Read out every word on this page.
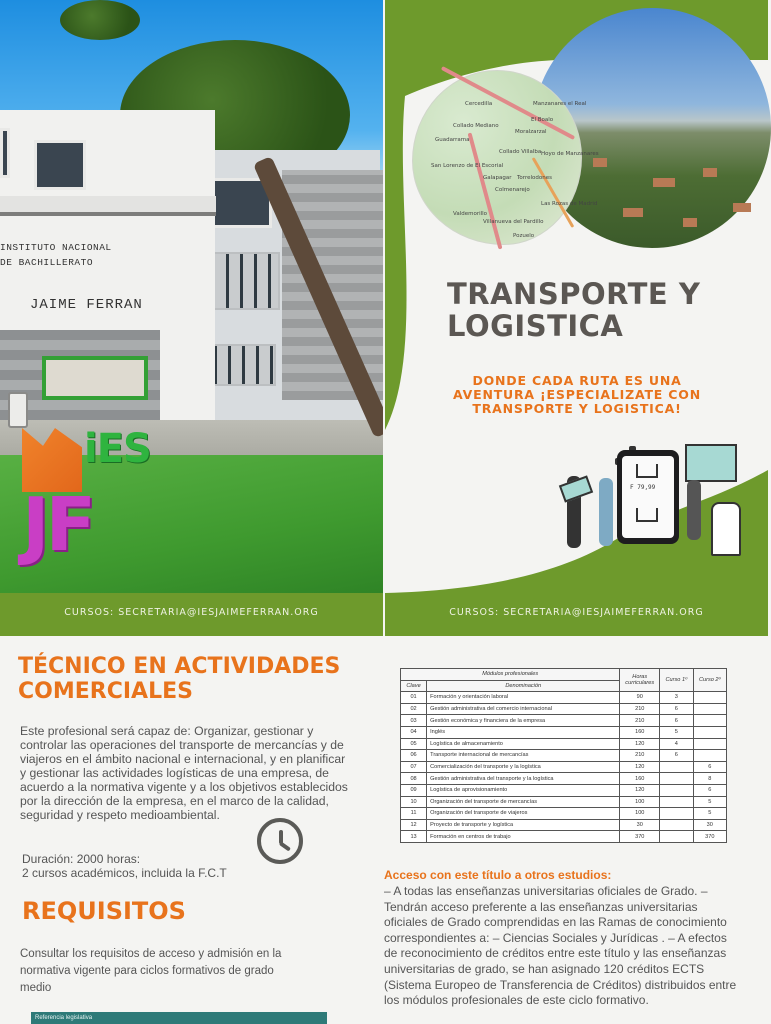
INSTITUTO NACIONAL
DE BACHILLERATO
JAIME FERRAN
iES
JF
Cercedilla	Manzanares el Real
El Boalo
Collado Mediano
Moralzarzal
Guadarrama
Collado Villalba Hoyo de Manzanares
San Lorenzo de El Escorial
Galapagar Torrelodones
Colmenarejo
Valdemorillo
Villanueva del Pardillo
Las Rozas de Madrid
Pozuelo
TRANSPORTE Y
LOGISTICA
DONDE CADA RUTA ES UNA AVENTURA ¡ESPECIALIZATE CON TRANSPORTE Y LOGISTICA!
F 79,99
CURSOS: SECRETARIA@IESJAIMEFERRAN.ORG	CURSOS: SECRETARIA@IESJAIMEFERRAN.ORG
TÉCNICO EN ACTIVIDADES COMERCIALES
Este profesional será capaz de: Organizar, gestionar y controlar las operaciones del transporte de mercancías y de viajeros en el ámbito nacional e internacional, y en planificar y gestionar las actividades logísticas de una empresa, de acuerdo a la normativa vigente y a los objetivos establecidos por la dirección de la empresa, en el marco de la calidad, seguridad y respeto medioambiental.
Duración: 2000 horas:
2 cursos académicos, incluida la F.C.T
REQUISITOS
Consultar los requisitos de acceso y admisión en la normativa vigente para ciclos formativos de grado medio
Referencia legislativa
Módulos profesionales		Horas curriculares	Curso 1º	Curso 2º
Clave	Denominación			
01	Formación y orientación laboral	90	3	
02	Gestión administrativa del comercio internacional	210	6	
03	Gestión económica y financiera de la empresa	210	6	
04	Inglés	160	5	
05	Logística de almacenamiento	120	4	
06	Transporte internacional de mercancías	210	6	
07	Comercialización del transporte y la logística	120		6
08	Gestión administrativa del transporte y la logística	160		8
09	Logística de aprovisionamiento	120		6
10	Organización del transporte de mercancías	100		5
11	Organización del transporte de viajeros	100		5
12	Proyecto de transporte y logística	30		30
13	Formación en centros de trabajo	370		370
Acceso con este título a otros estudios:
– A todas las enseñanzas universitarias oficiales de Grado. – Tendrán acceso preferente a las enseñanzas universitarias oficiales de Grado comprendidas en las Ramas de conocimiento correspondientes a: – Ciencias Sociales y Jurídicas . – A efectos de reconocimiento de créditos entre este título y las enseñanzas universitarias de grado, se han asignado 120 créditos ECTS (Sistema Europeo de Transferencia de Créditos) distribuidos entre los módulos profesionales de este ciclo formativo.
